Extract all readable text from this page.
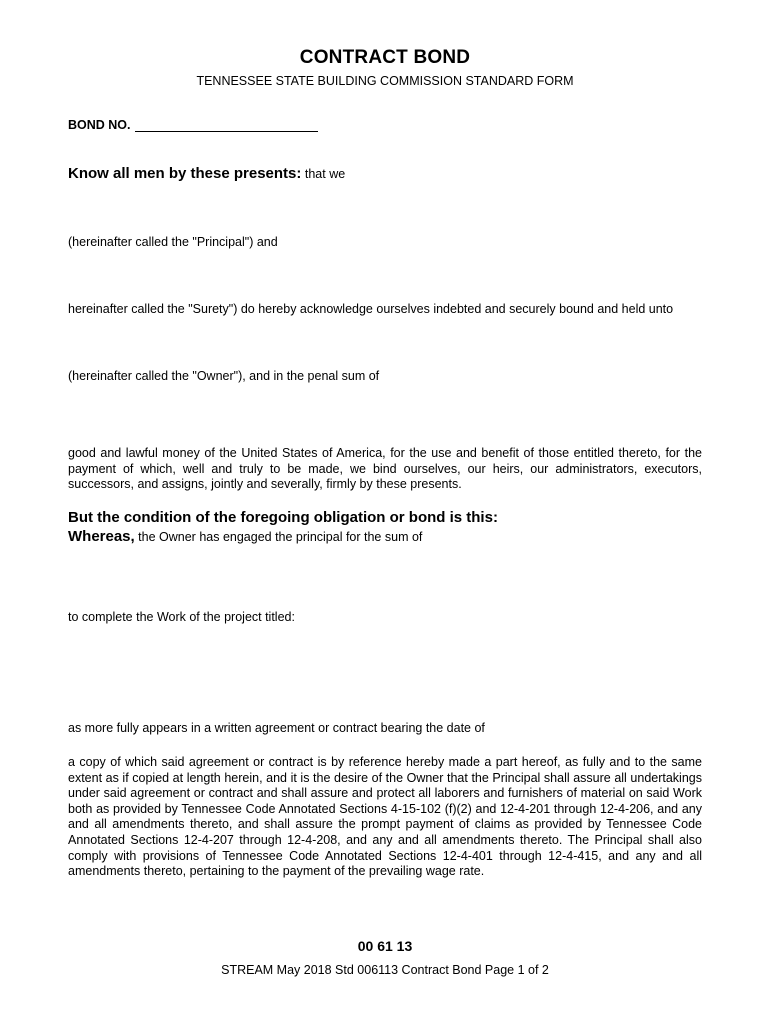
CONTRACT BOND
TENNESSEE STATE BUILDING COMMISSION STANDARD FORM
BOND NO.
Know all men by these presents: that we
(hereinafter called the "Principal") and
hereinafter called the "Surety") do hereby acknowledge ourselves indebted and securely bound and held unto
(hereinafter called the "Owner"), and in the penal sum of
good and lawful money of the United States of America, for the use and benefit of those entitled thereto, for the payment of which, well and truly to be made, we bind ourselves, our heirs, our administrators, executors, successors, and assigns, jointly and severally, firmly by these presents.
But the condition of the foregoing obligation or bond is this:
Whereas, the Owner has engaged the principal for the sum of
to complete the Work of the project titled:
as more fully appears in a written agreement or contract bearing the date of
a copy of which said agreement or contract is by reference hereby made a part hereof, as fully and to the same extent as if copied at length herein, and it is the desire of the Owner that the Principal shall assure all undertakings under said agreement or contract and shall assure and protect all laborers and furnishers of material on said Work both as provided by Tennessee Code Annotated Sections 4-15-102 (f)(2) and 12-4-201 through 12-4-206, and any and all amendments thereto, and shall assure the prompt payment of claims as provided by Tennessee Code Annotated Sections 12-4-207 through 12-4-208, and any and all amendments thereto. The Principal shall also comply with provisions of Tennessee Code Annotated Sections 12-4-401 through 12-4-415, and any and all amendments thereto, pertaining to the payment of the prevailing wage rate.
00 61 13
STREAM May 2018 Std 006113 Contract Bond Page 1 of 2
